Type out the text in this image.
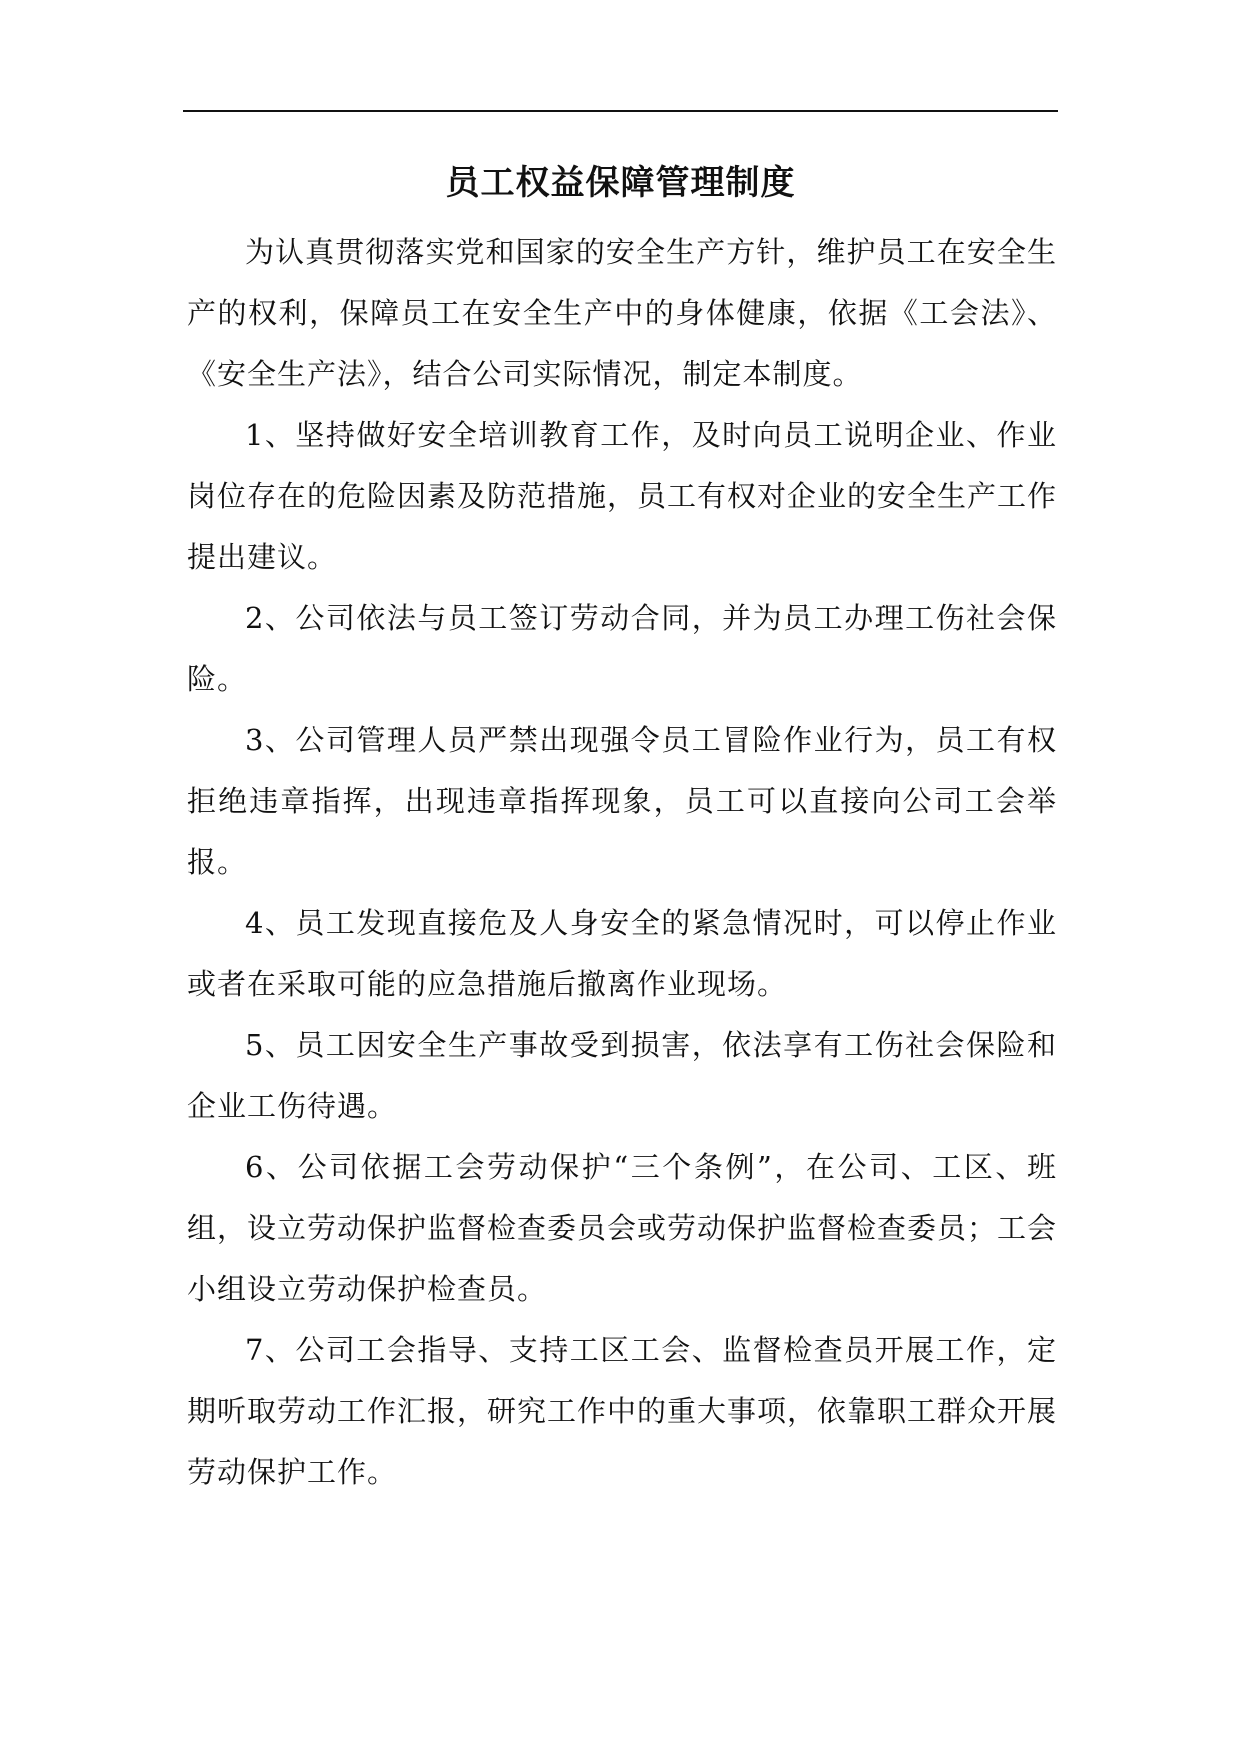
员工权益保障管理制度

为认真贯彻落实党和国家的安全生产方针，维护员工在安全生产的权利，保障员工在安全生产中的身体健康，依据《工会法》、《安全生产法》，结合公司实际情况，制定本制度。

1、坚持做好安全培训教育工作，及时向员工说明企业、作业岗位存在的危险因素及防范措施，员工有权对企业的安全生产工作提出建议。

2、公司依法与员工签订劳动合同，并为员工办理工伤社会保险。

3、公司管理人员严禁出现强令员工冒险作业行为，员工有权拒绝违章指挥，出现违章指挥现象，员工可以直接向公司工会举报。

4、员工发现直接危及人身安全的紧急情况时，可以停止作业或者在采取可能的应急措施后撤离作业现场。

5、员工因安全生产事故受到损害，依法享有工伤社会保险和企业工伤待遇。

6、公司依据工会劳动保护“三个条例”，在公司、工区、班组，设立劳动保护监督检查委员会或劳动保护监督检查委员；工会小组设立劳动保护检查员。

7、公司工会指导、支持工区工会、监督检查员开展工作，定期听取劳动工作汇报，研究工作中的重大事项，依靠职工群众开展劳动保护工作。
